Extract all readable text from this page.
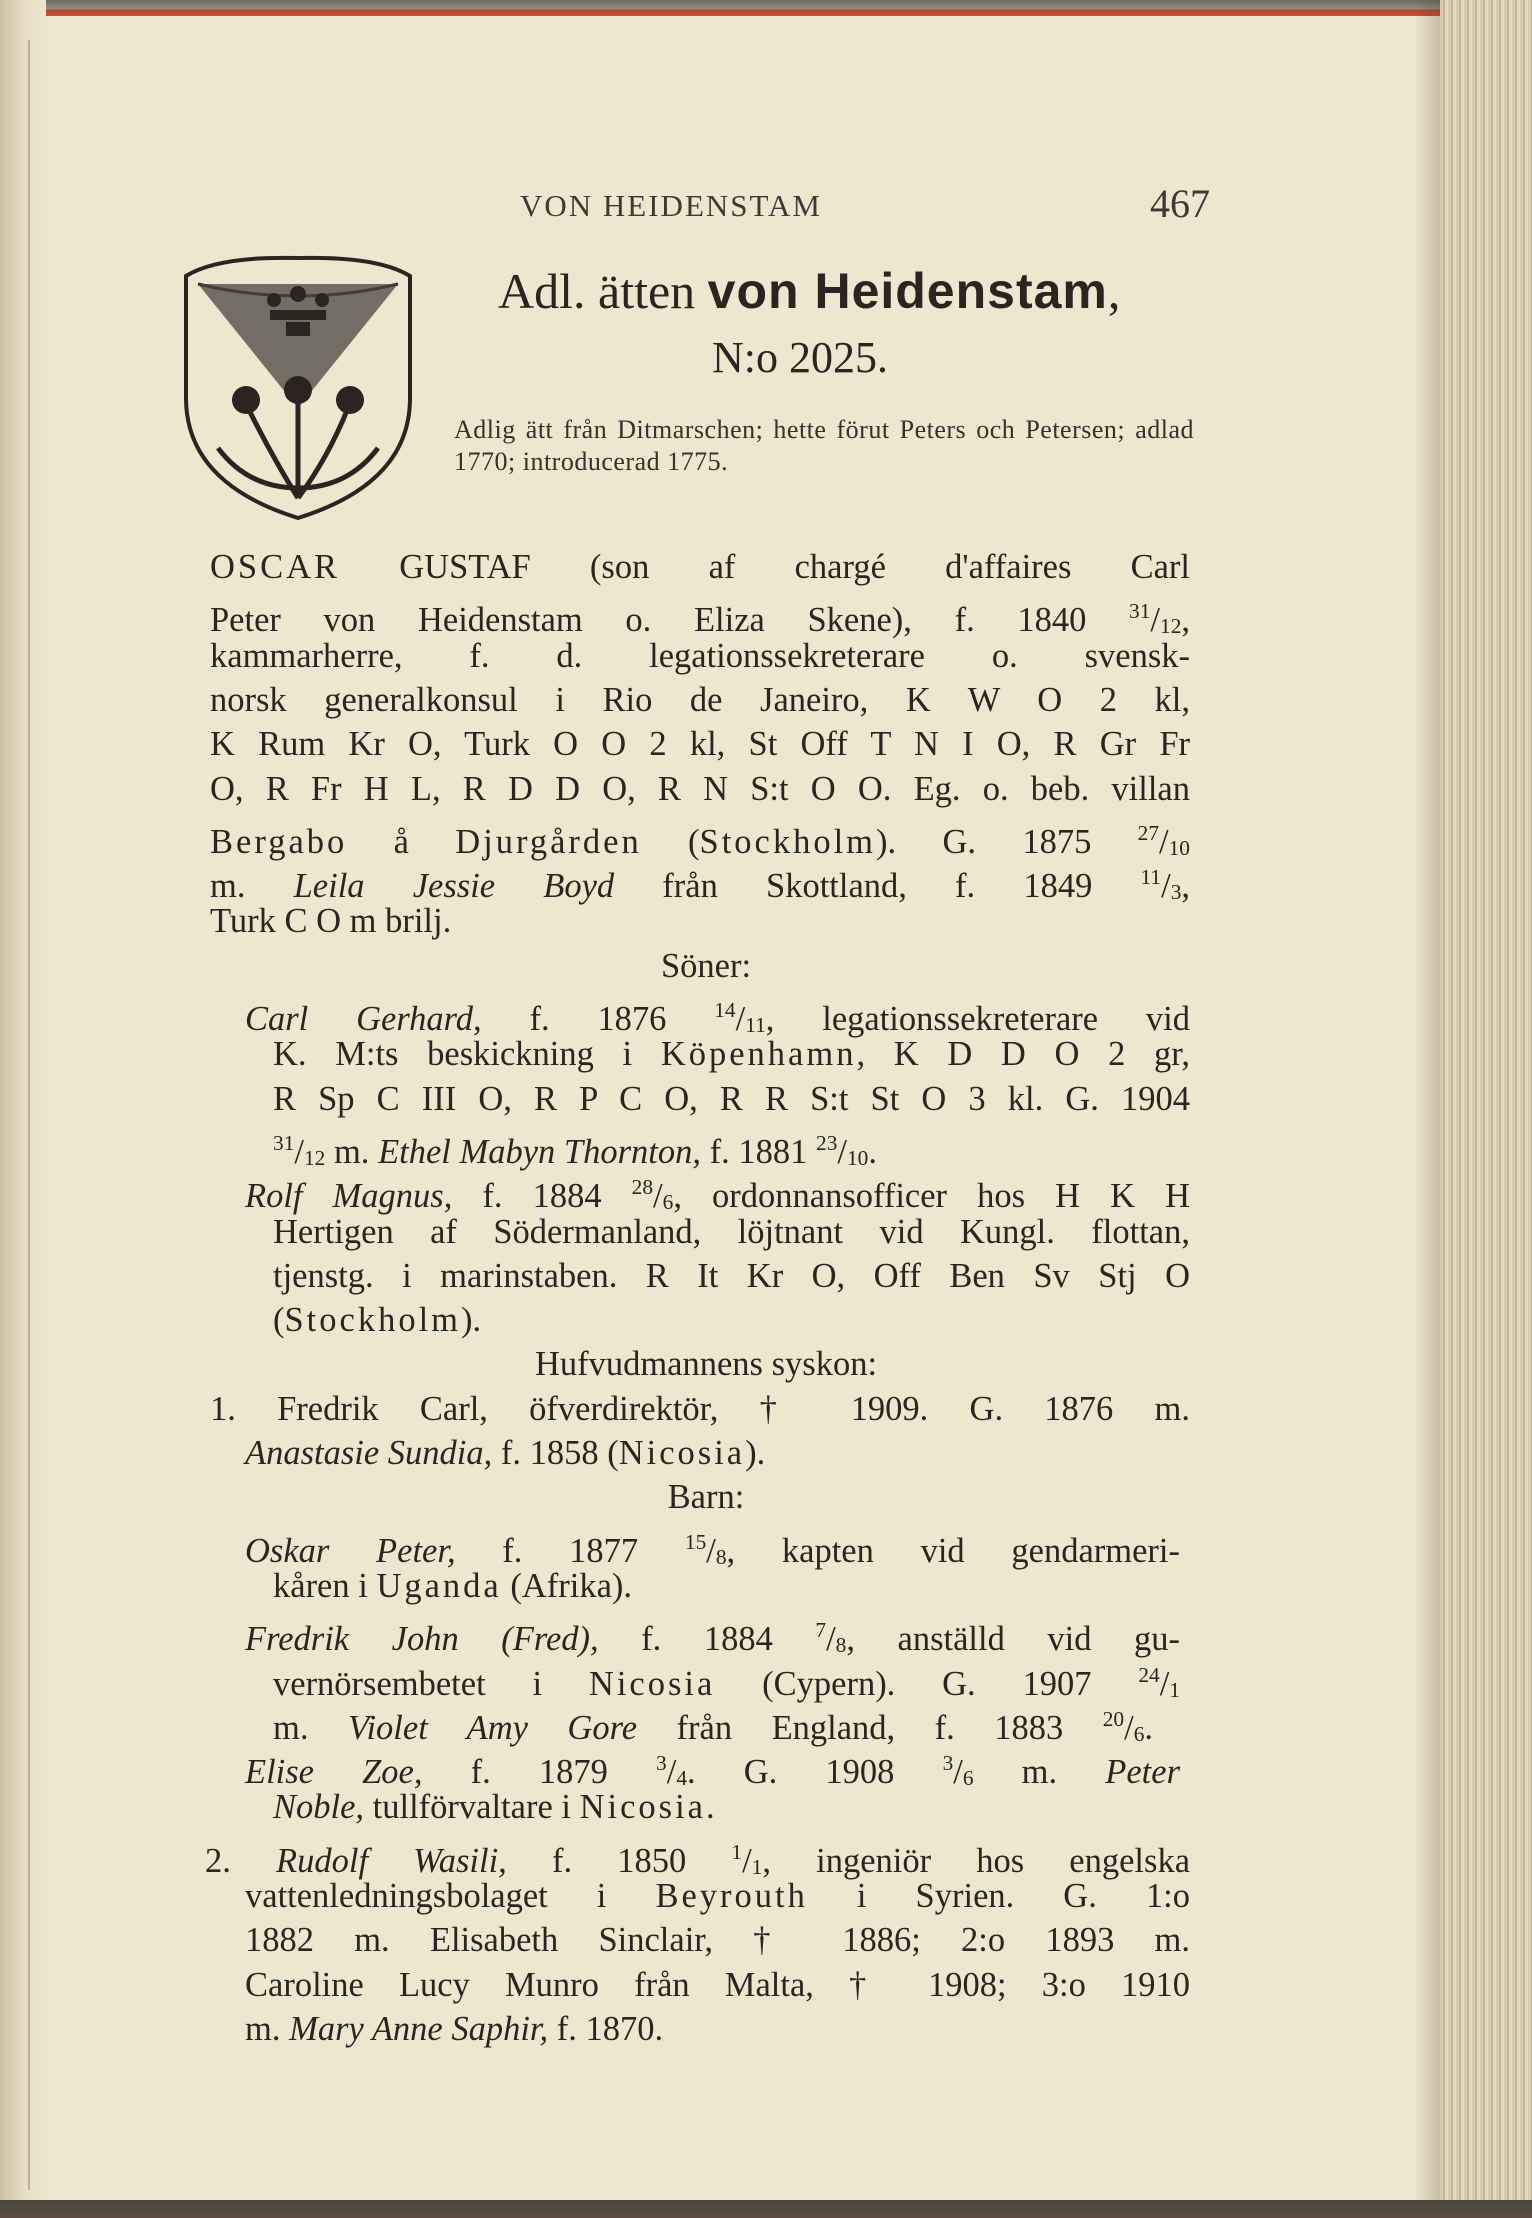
VON HEIDENSTAM	467
Adl. ätten von Heidenstam,
N:o 2025.
Adlig ätt från Ditmarschen; hette förut Peters och Petersen; adlad 1770; introducerad 1775.
OSCAR GUSTAF (son af chargé d'affaires Carl
Peter von Heidenstam o. Eliza Skene), f. 1840 $^{31}/_{12}$,
kammarherre, f. d. legationssekreterare o. svensk-
norsk generalkonsul i Rio de Janeiro, K W O 2 kl,
K Rum Kr O, Turk O O 2 kl, St Off T N I O, R Gr Fr
O, R Fr H L, R D D O, R N S:t O O. Eg. o. beb. villan
Bergabo å Djurgården (Stockholm). G. 1875 $^{27}/_{10}$
m. Leila Jessie Boyd från Skottland, f. 1849 $^{11}/_3$,
Turk C O m brilj.
Söner:
Carl Gerhard, f. 1876 $^{14}/_{11}$, legationssekreterare vid
K. M:ts beskickning i Köpenhamn, K D D O 2 gr,
R Sp C III O, R P C O, R R S:t St O 3 kl. G. 1904
$^{31}/_{12}$ m. Ethel Mabyn Thornton, f. 1881 $^{23}/_{10}$.
Rolf Magnus, f. 1884 $^{28}/_6$, ordonnansofficer hos H K H
Hertigen af Södermanland, löjtnant vid Kungl. flottan,
tjenstg. i marinstaben. R It Kr O, Off Ben Sv Stj O
(Stockholm).
Hufvudmannens syskon:
1. Fredrik Carl, öfverdirektör, † 1909. G. 1876 m.
Anastasie Sundia, f. 1858 (Nicosia).
Barn:
Oskar Peter, f. 1877 $^{15}/_8$, kapten vid gendarmeri-
kåren i Uganda (Afrika).
Fredrik John (Fred), f. 1884 $^7/_8$, anställd vid gu-
vernörsembetet i Nicosia (Cypern). G. 1907 $^{24}/_1$
m. Violet Amy Gore från England, f. 1883 $^{20}/_6$.
Elise Zoe, f. 1879 $^3/_4$. G. 1908 $^3/_6$ m. Peter
Noble, tullförvaltare i Nicosia.
2. Rudolf Wasili, f. 1850 $^1/_1$, ingeniör hos engelska
vattenledningsbolaget i Beyrouth i Syrien. G. 1:o
1882 m. Elisabeth Sinclair, † 1886; 2:o 1893 m.
Caroline Lucy Munro från Malta, † 1908; 3:o 1910
m. Mary Anne Saphir, f. 1870.
